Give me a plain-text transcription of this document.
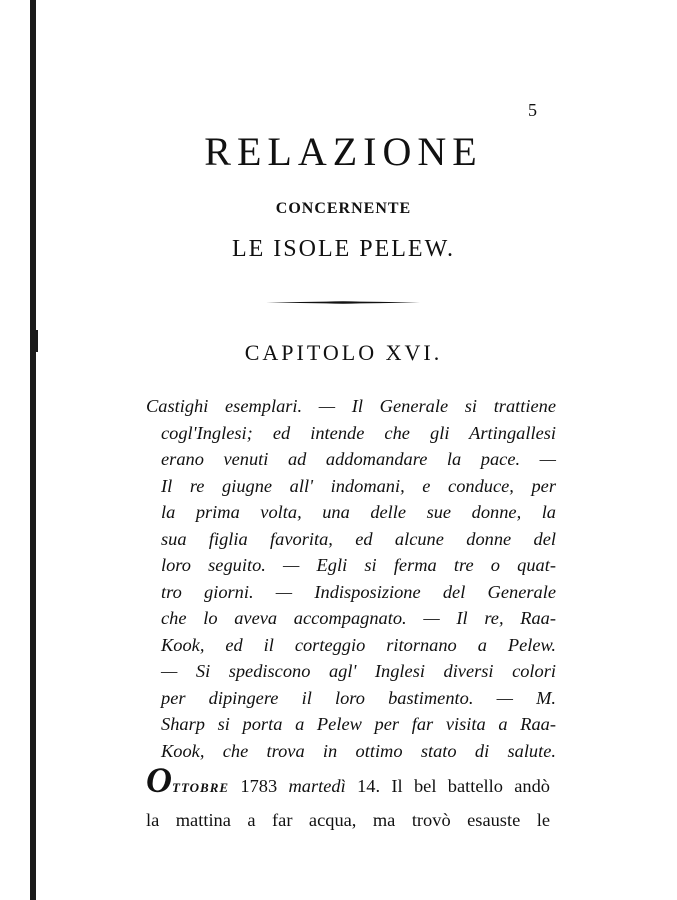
5
RELAZIONE
CONCERNENTE
LE ISOLE PELEW.
CAPITOLO XVI.
Castighi esemplari. — Il Generale si trattiene
cogl'Inglesi; ed intende che gli Artingallesi
erano venuti ad addomandare la pace. —
Il re giugne all' indomani, e conduce, per
la prima volta, una delle sue donne, la
sua figlia favorita, ed alcune donne del
loro seguito. — Egli si ferma tre o quat-
tro giorni. — Indisposizione del Generale
che lo aveva accompagnato. — Il re, Raa-
Kook, ed il corteggio ritornano a Pelew.
— Si spediscono agl' Inglesi diversi colori
per dipingere il loro bastimento. — M.
Sharp si porta a Pelew per far visita a Raa-
Kook, che trova in ottimo stato di salute.
OTTOBRE 1783 martedì 14. Il bel battello andò
la mattina a far acqua, ma trovò esauste le
